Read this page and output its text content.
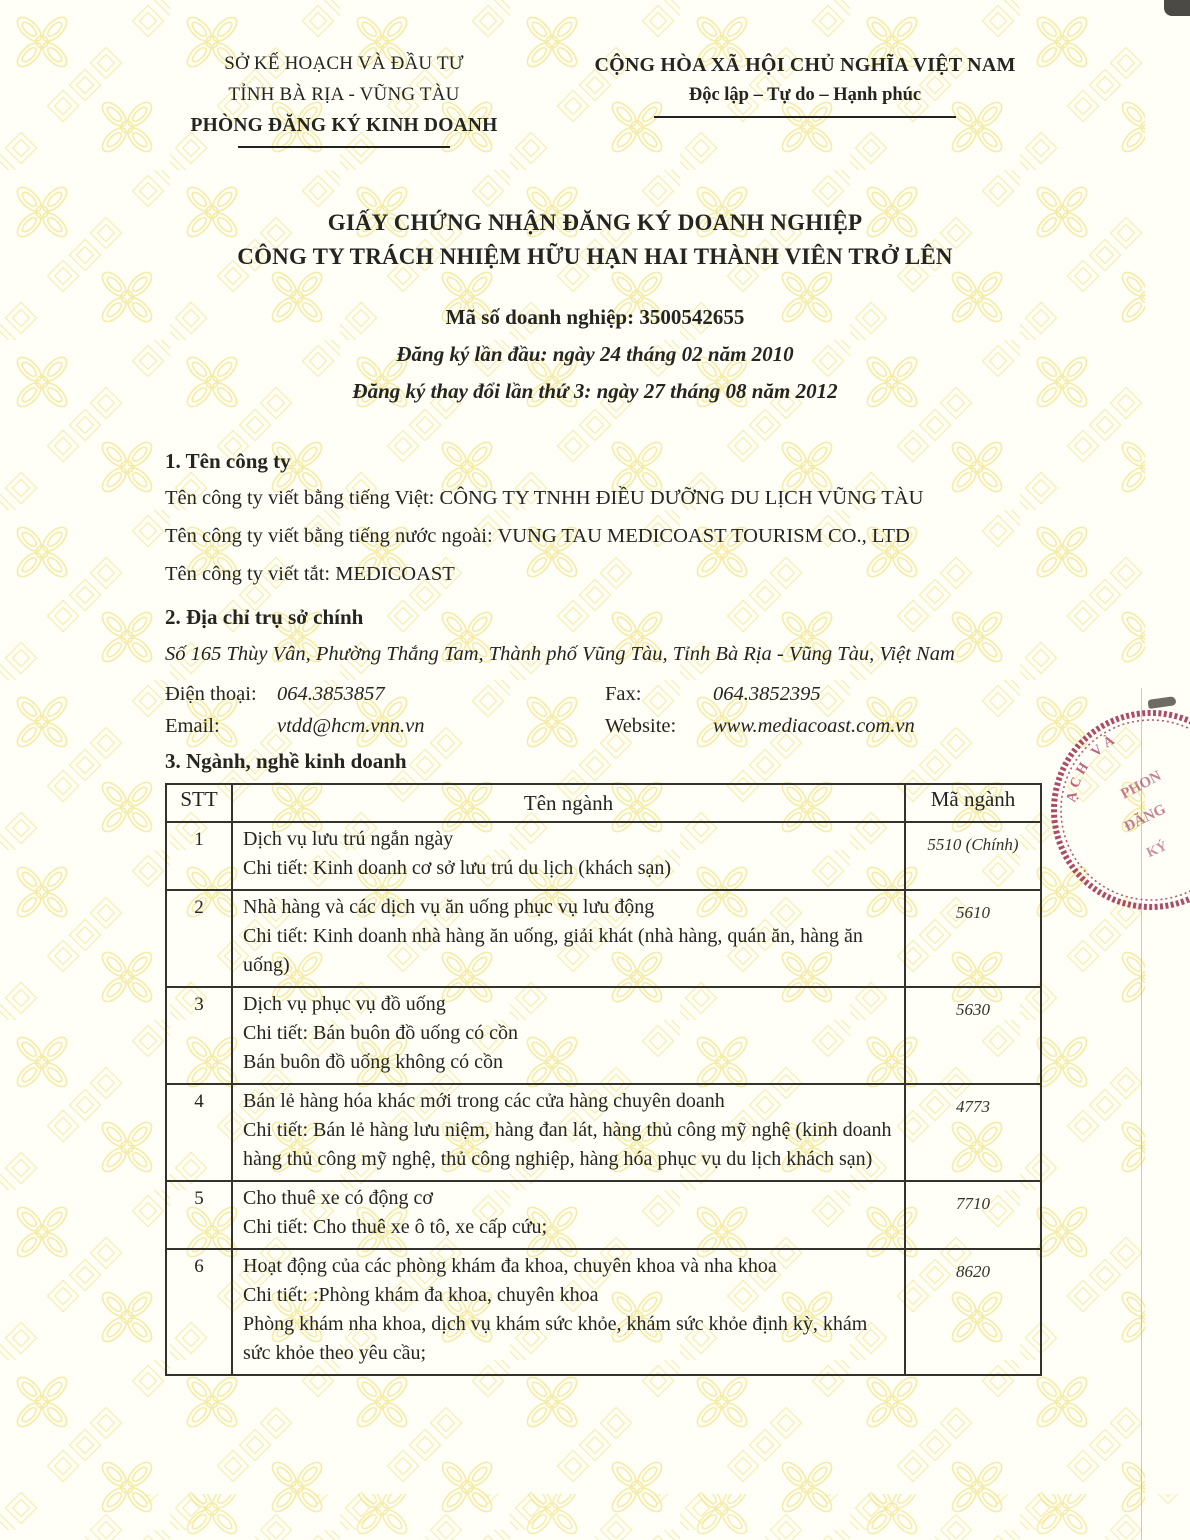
SỞ KẾ HOẠCH VÀ ĐẦU TƯ
TỈNH BÀ RỊA - VŨNG TÀU
PHÒNG ĐĂNG KÝ KINH DOANH
CỘNG HÒA XÃ HỘI CHỦ NGHĨA VIỆT NAM
Độc lập – Tự do – Hạnh phúc
GIẤY CHỨNG NHẬN ĐĂNG KÝ DOANH NGHIỆP
CÔNG TY TRÁCH NHIỆM HỮU HẠN HAI THÀNH VIÊN TRỞ LÊN
Mã số doanh nghiệp: 3500542655
Đăng ký lần đầu: ngày 24 tháng 02 năm 2010
Đăng ký thay đổi lần thứ 3: ngày 27 tháng 08 năm 2012
1. Tên công ty

Tên công ty viết bằng tiếng Việt: CÔNG TY TNHH ĐIỀU DƯỠNG DU LỊCH VŨNG TÀU

Tên công ty viết bằng tiếng nước ngoài: VUNG TAU MEDICOAST TOURISM CO., LTD

Tên công ty viết tắt: MEDICOAST

2. Địa chỉ trụ sở chính

Số 165 Thùy Vân, Phường Thắng Tam, Thành phố Vũng Tàu, Tỉnh Bà Rịa - Vũng Tàu, Việt Nam

Điện thoại: 064.3853857	Fax:	064.3852395
Email:	vtdd@hcm.vnn.vn	Website:	www.mediacoast.com.vn
3. Ngành, nghề kinh doanh
STT	Tên ngành	Mã ngành
1	Dịch vụ lưu trú ngắn ngày
Chi tiết: Kinh doanh cơ sở lưu trú du lịch (khách sạn)	5510 (Chính)
2	Nhà hàng và các dịch vụ ăn uống phục vụ lưu động
Chi tiết: Kinh doanh nhà hàng ăn uống, giải khát (nhà hàng, quán ăn, hàng ăn uống)	5610
3	Dịch vụ phục vụ đồ uống
Chi tiết: Bán buôn đồ uống có cồn
Bán buôn đồ uống không có cồn	5630
4	Bán lẻ hàng hóa khác mới trong các cửa hàng chuyên doanh
Chi tiết: Bán lẻ hàng lưu niệm, hàng đan lát, hàng thủ công mỹ nghệ (kinh doanh hàng thủ công mỹ nghệ, thủ công nghiệp, hàng hóa phục vụ du lịch khách sạn)	4773
5	Cho thuê xe có động cơ
Chi tiết: Cho thuê xe ô tô, xe cấp cứu;	7710
6	Hoạt động của các phòng khám đa khoa, chuyên khoa và nha khoa
Chi tiết: :Phòng khám đa khoa, chuyên khoa
Phòng khám nha khoa, dịch vụ khám sức khỏe, khám sức khỏe định kỳ, khám sức khỏe theo yêu cầu;	8620
ẠCH VÀ
PHON
ĐĂNG
KÝ
